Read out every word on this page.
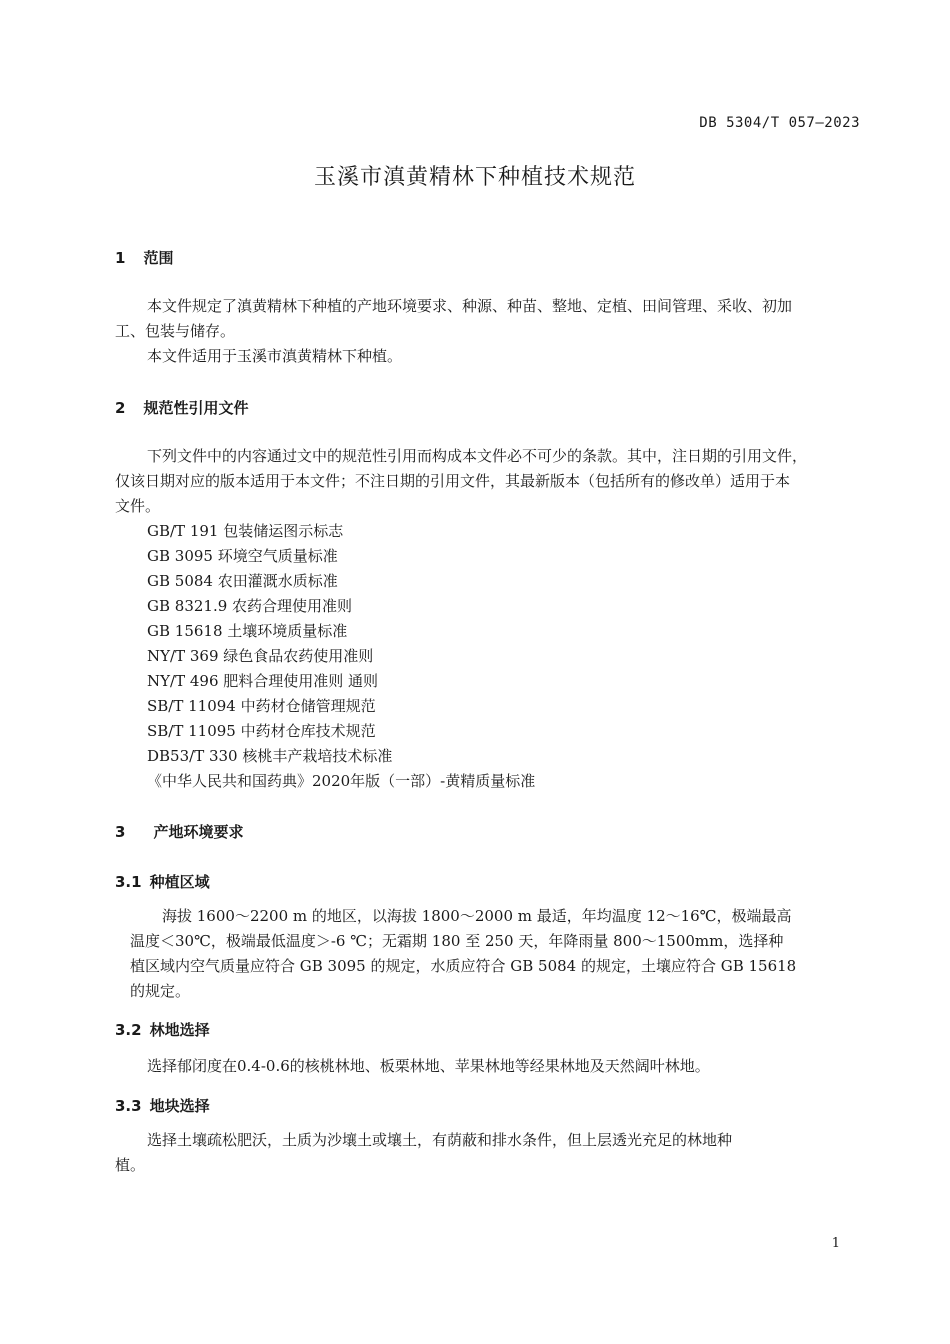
DB 5304/T 057—2023
玉溪市滇黄精林下种植技术规范
1 范围
本文件规定了滇黄精林下种植的产地环境要求、种源、种苗、整地、定植、田间管理、采收、初加
工、包装与储存。
本文件适用于玉溪市滇黄精林下种植。
2 规范性引用文件
下列文件中的内容通过文中的规范性引用而构成本文件必不可少的条款。其中，注日期的引用文件，
仅该日期对应的版本适用于本文件；不注日期的引用文件，其最新版本（包括所有的修改单）适用于本
文件。
GB/T 191 包装储运图示标志
GB 3095 环境空气质量标准
GB 5084 农田灌溉水质标准
GB 8321.9 农药合理使用准则
GB 15618 土壤环境质量标准
NY/T 369 绿色食品农药使用准则
NY/T 496 肥料合理使用准则 通则
SB/T 11094 中药材仓储管理规范
SB/T 11095 中药材仓库技术规范
DB53/T 330 核桃丰产栽培技术标准
《中华人民共和国药典》2020年版（一部）-黄精质量标准
3 产地环境要求
3.1 种植区域
海拔 1600～2200 m 的地区，以海拔 1800～2000 m 最适，年均温度 12～16℃，极端最高
温度＜30℃，极端最低温度＞-6 ℃；无霜期 180 至 250 天，年降雨量 800～1500mm，选择种
植区域内空气质量应符合 GB 3095 的规定，水质应符合 GB 5084 的规定，土壤应符合 GB 15618
的规定。
3.2 林地选择
选择郁闭度在0.4-0.6的核桃林地、板栗林地、苹果林地等经果林地及天然阔叶林地。
3.3 地块选择
选择土壤疏松肥沃，土质为沙壤土或壤土，有荫蔽和排水条件，但上层透光充足的林地种
植。
1
